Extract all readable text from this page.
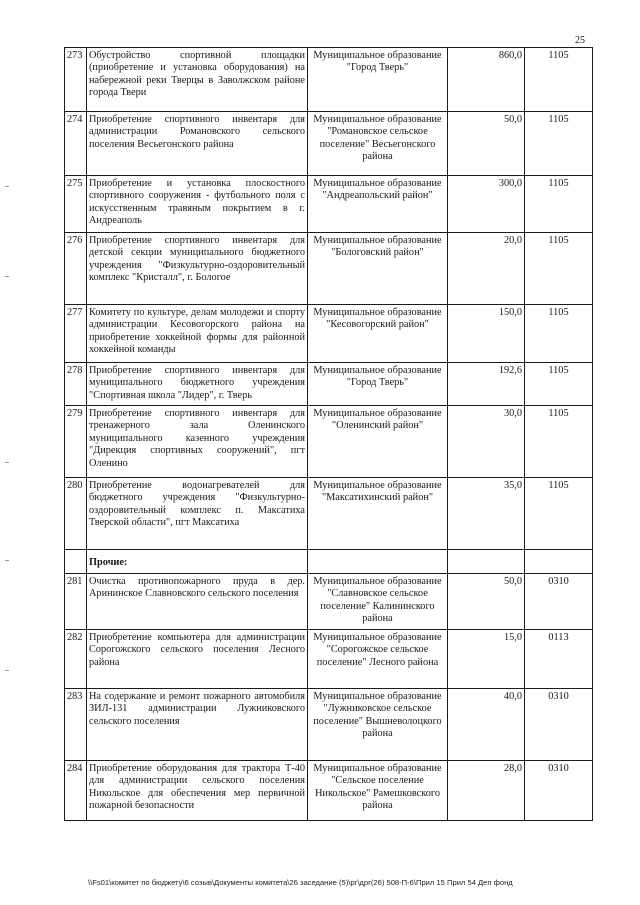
25
273	Обустройство спортивной площадки (приобретение и установка оборудования) на набережной реки Тверцы в Заволжском районе города Твери	Муниципальное образование "Город Тверь"	860,0	1105
274	Приобретение спортивного инвентаря для администрации Романовского сельского поселения Весьегонского района	Муниципальное образование "Романовское сельское поселение" Весьегонского района	50,0	1105
275	Приобретение и установка плоскостного спортивного сооружения - футбольного поля с искусственным травяным покрытием в г. Андреаполь	Муниципальное образование "Андреапольский район"	300,0	1105
276	Приобретение спортивного инвентаря для детской секции муниципального бюджетного учреждения "Физкультурно-оздоровительный комплекс "Кристалл", г. Бологое	Муниципальное образование "Бологовский район"	20,0	1105
277	Комитету по культуре, делам молодежи и спорту администрации Кесовогорского района на приобретение хоккейной формы для районной хоккейной команды	Муниципальное образование "Кесовогорский район"	150,0	1105
278	Приобретение спортивного инвентаря для муниципального бюджетного учреждения "Спортивная школа "Лидер", г. Тверь	Муниципальное образование "Город Тверь"	192,6	1105
279	Приобретение спортивного инвентаря для тренажерного зала Оленинского муниципального казенного учреждения "Дирекция спортивных сооружений", пгт Оленино	Муниципальное образование "Оленинский район"	30,0	1105
280	Приобретение водонагревателей для бюджетного учреждения "Физкультурно-оздоровительный комплекс п. Максатиха Тверской области", пгт Максатиха	Муниципальное образование "Максатихинский район"	35,0	1105
	Прочие:			
281	Очистка противопожарного пруда в дер. Арининское Славновского сельского поселения	Муниципальное образование "Славновское сельское поселение" Калининского района	50,0	0310
282	Приобретение компьютера для администрации Сорогожского сельского поселения Лесного района	Муниципальное образование "Сорогожское сельское поселение" Лесного района	15,0	0113
283	На содержание и ремонт пожарного автомобиля ЗИЛ-131 администрации Лужниковского сельского поселения	Муниципальное образование "Лужниковское сельское поселение" Вышневолоцкого района	40,0	0310
284	Приобретение оборудования для трактора Т-40 для администрации сельского поселения Никольское для обеспечения мер первичной пожарной безопасности	Муниципальное образование "Сельское поселение Никольское" Рамешковского района	28,0	0310
\\Fs01\комитет по бюджету\6 созыв\Документы комитета\26 заседание (5)\рг\дрг(26) 508-П-6\Прил 15 Прил 54 Деп фонд
